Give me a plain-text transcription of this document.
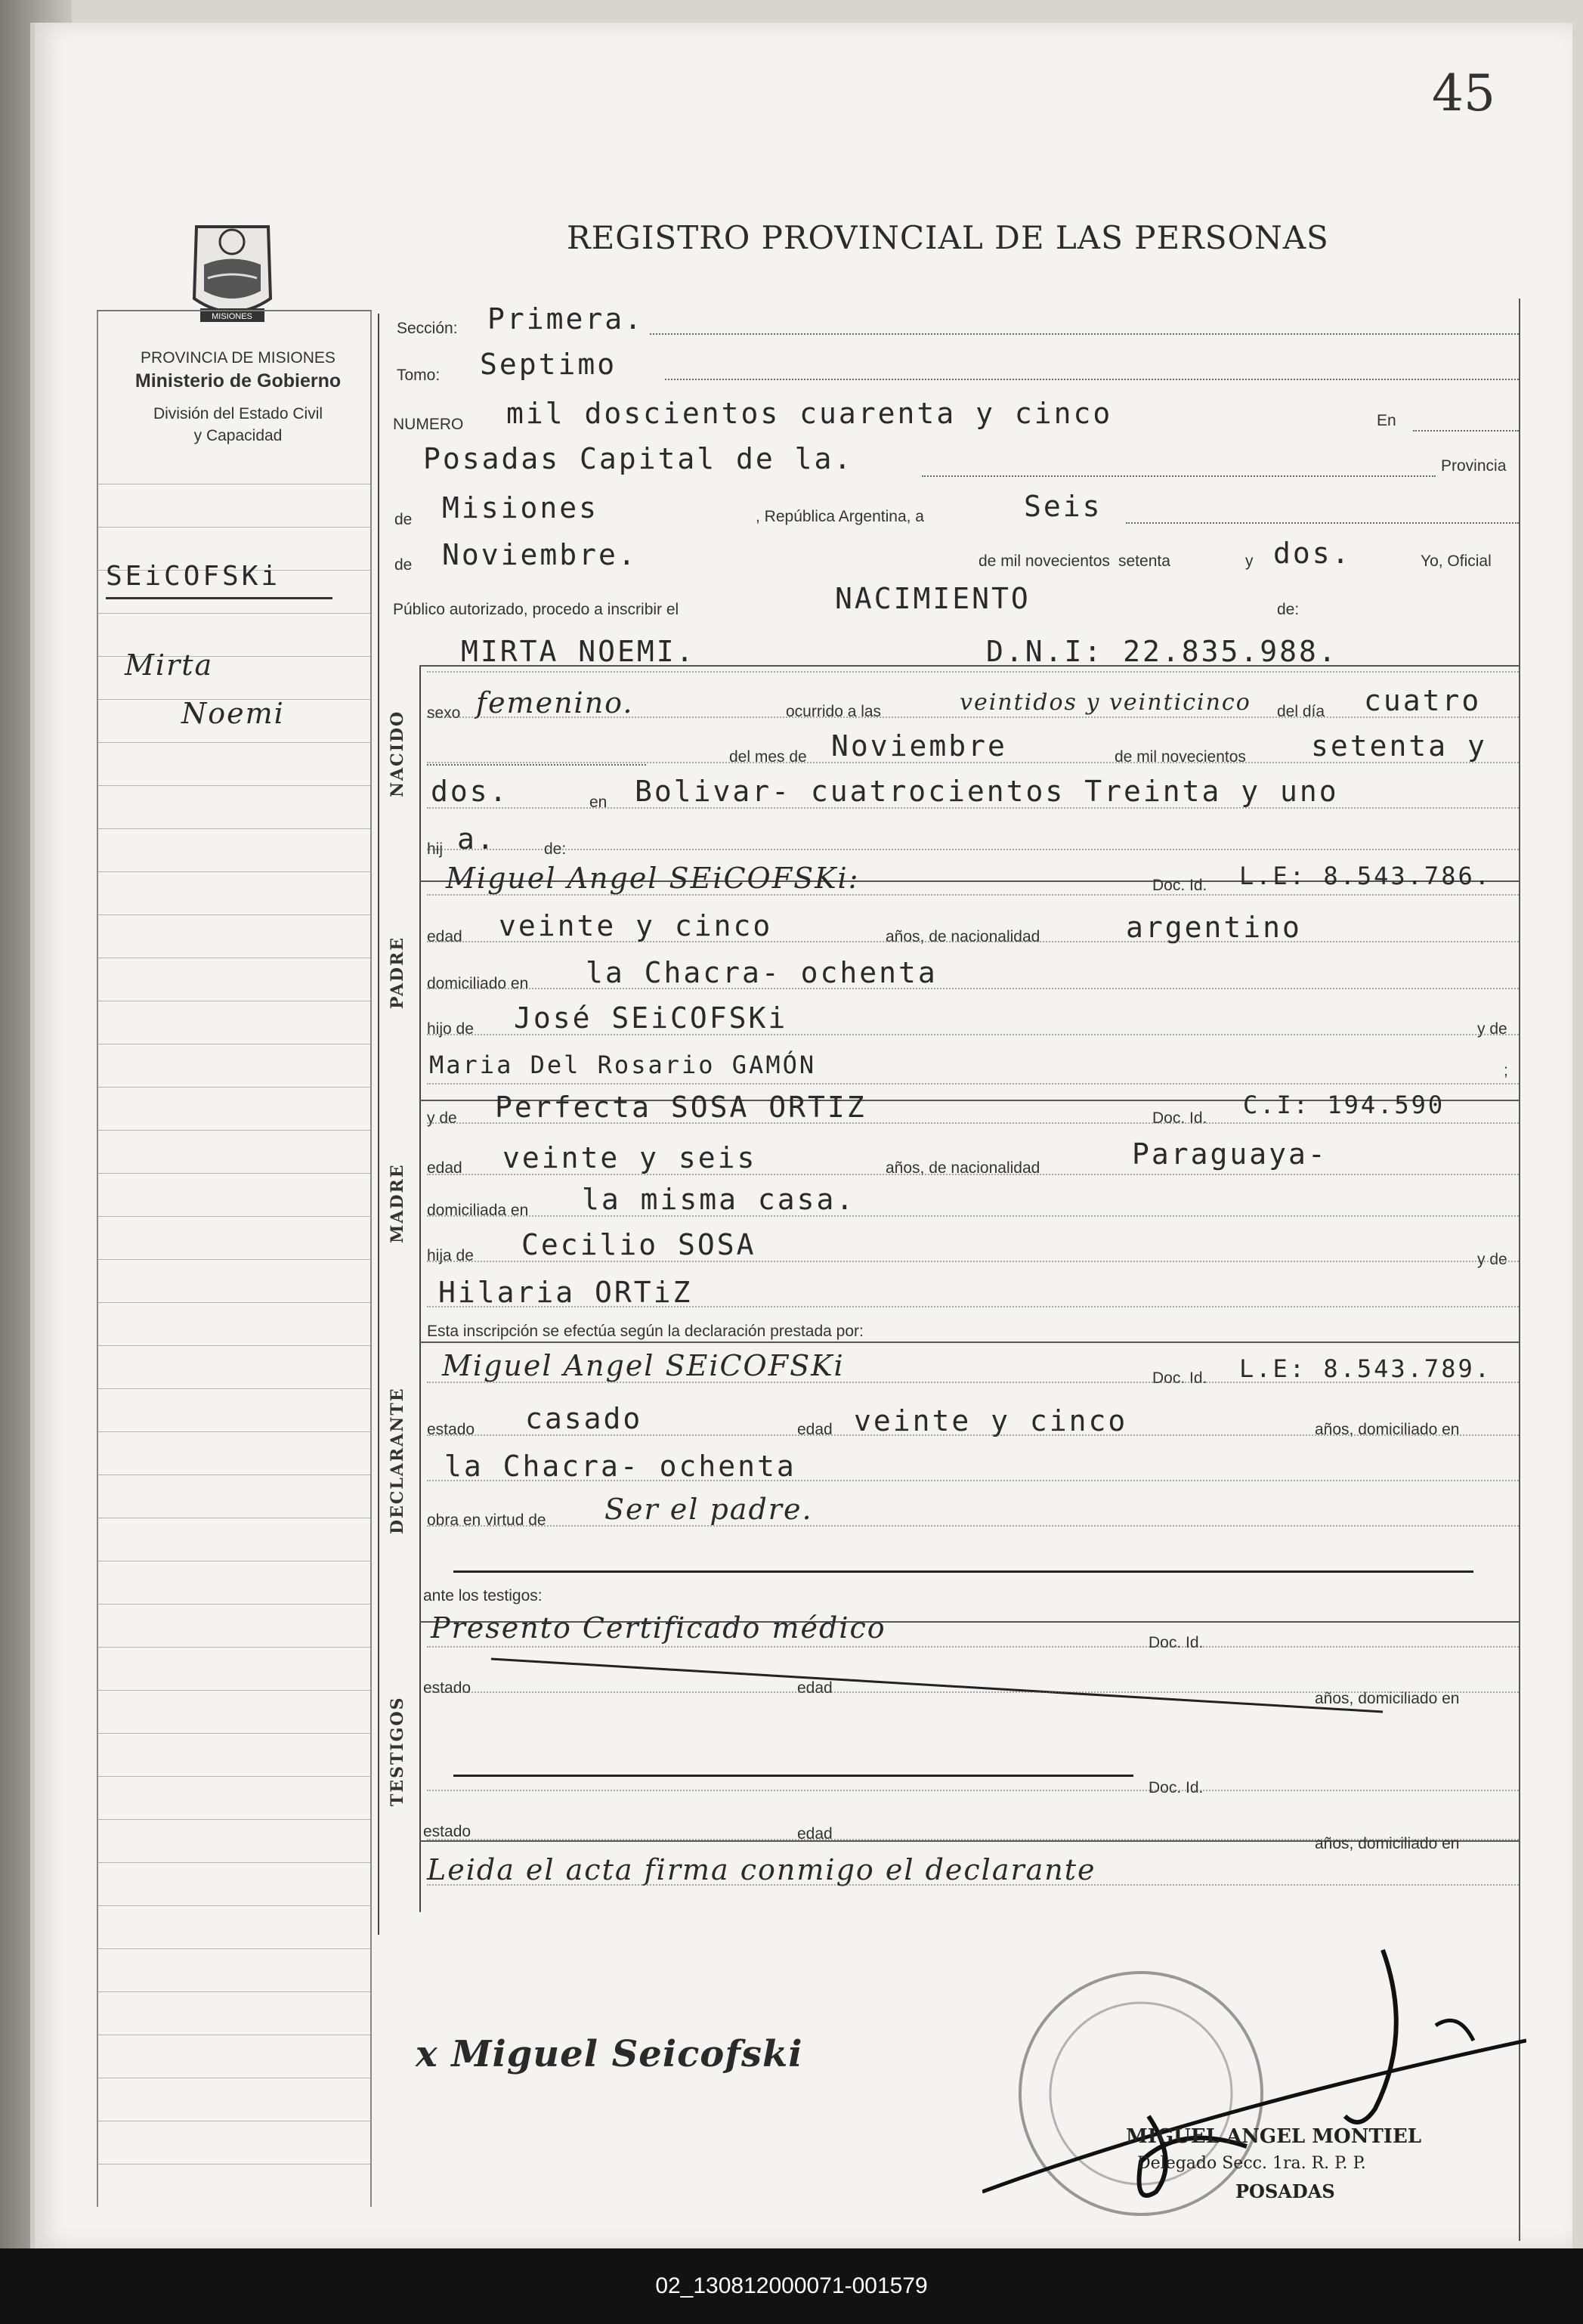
02_130812000071-001579
45
REGISTRO PROVINCIAL DE LAS PERSONAS
MISIONES
PROVINCIA DE MISIONES
Ministerio de Gobierno
División del Estado Civil
y Capacidad
SEiCOFSKi
Mirta
Noemi	NACIDO
PADRE
MADRE
DECLARANTE
TESTIGOS
Sección: Primera.
Tomo: Septimo
NUMERO mil doscientos cuarenta y cinco	En
Posadas Capital de la.	Provincia
de Misiones	, República Argentina, a	Seis
de Noviembre.	de mil novecientos setenta	y dos.	Yo, Oficial
Público autorizado, procedo a inscribir el	NACIMIENTO	de:
MIRTA NOEMI.	D.N.I: 22.835.988.
sexo femenino.	ocurrido a las	veintidos y veinticinco del día cuatro
del mes de Noviembre	de mil novecientos setenta y
dos.	en Bolivar- cuatrocientos Treinta y uno
hij a.	de:
Miguel Angel SEiCOFSKi:	Doc. Id. L.E: 8.543.786.
edad veinte y cinco	años, de nacionalidad	argentino
domiciliado en la Chacra- ochenta
hijo de José SEiCOFSKi	y de
Maria Del Rosario GAMÓN	;
y de Perfecta SOSA ORTIZ	Doc. Id. C.I: 194.590
edad veinte y seis	años, de nacionalidad	Paraguaya-
domiciliada en la misma casa.
hija de Cecilio SOSA	y de
Hilaria ORTiZ
Esta inscripción se efectúa según la declaración prestada por:
Miguel Angel SEiCOFSKi	Doc. Id. L.E: 8.543.789.
estado casado	edad veinte y cinco	años, domiciliado en
la Chacra- ochenta
obra en virtud de Ser el padre.
ante los testigos:
Presento Certificado médico	Doc. Id.
estado	edad
años, domiciliado en
Doc. Id.
estado	edad
años, domiciliado en
Leida el acta firma conmigo el declarante
x Miguel Seicofski
MIGUEL ANGEL MONTIEL
Delegado Secc. 1ra. R. P. P.
POSADAS
